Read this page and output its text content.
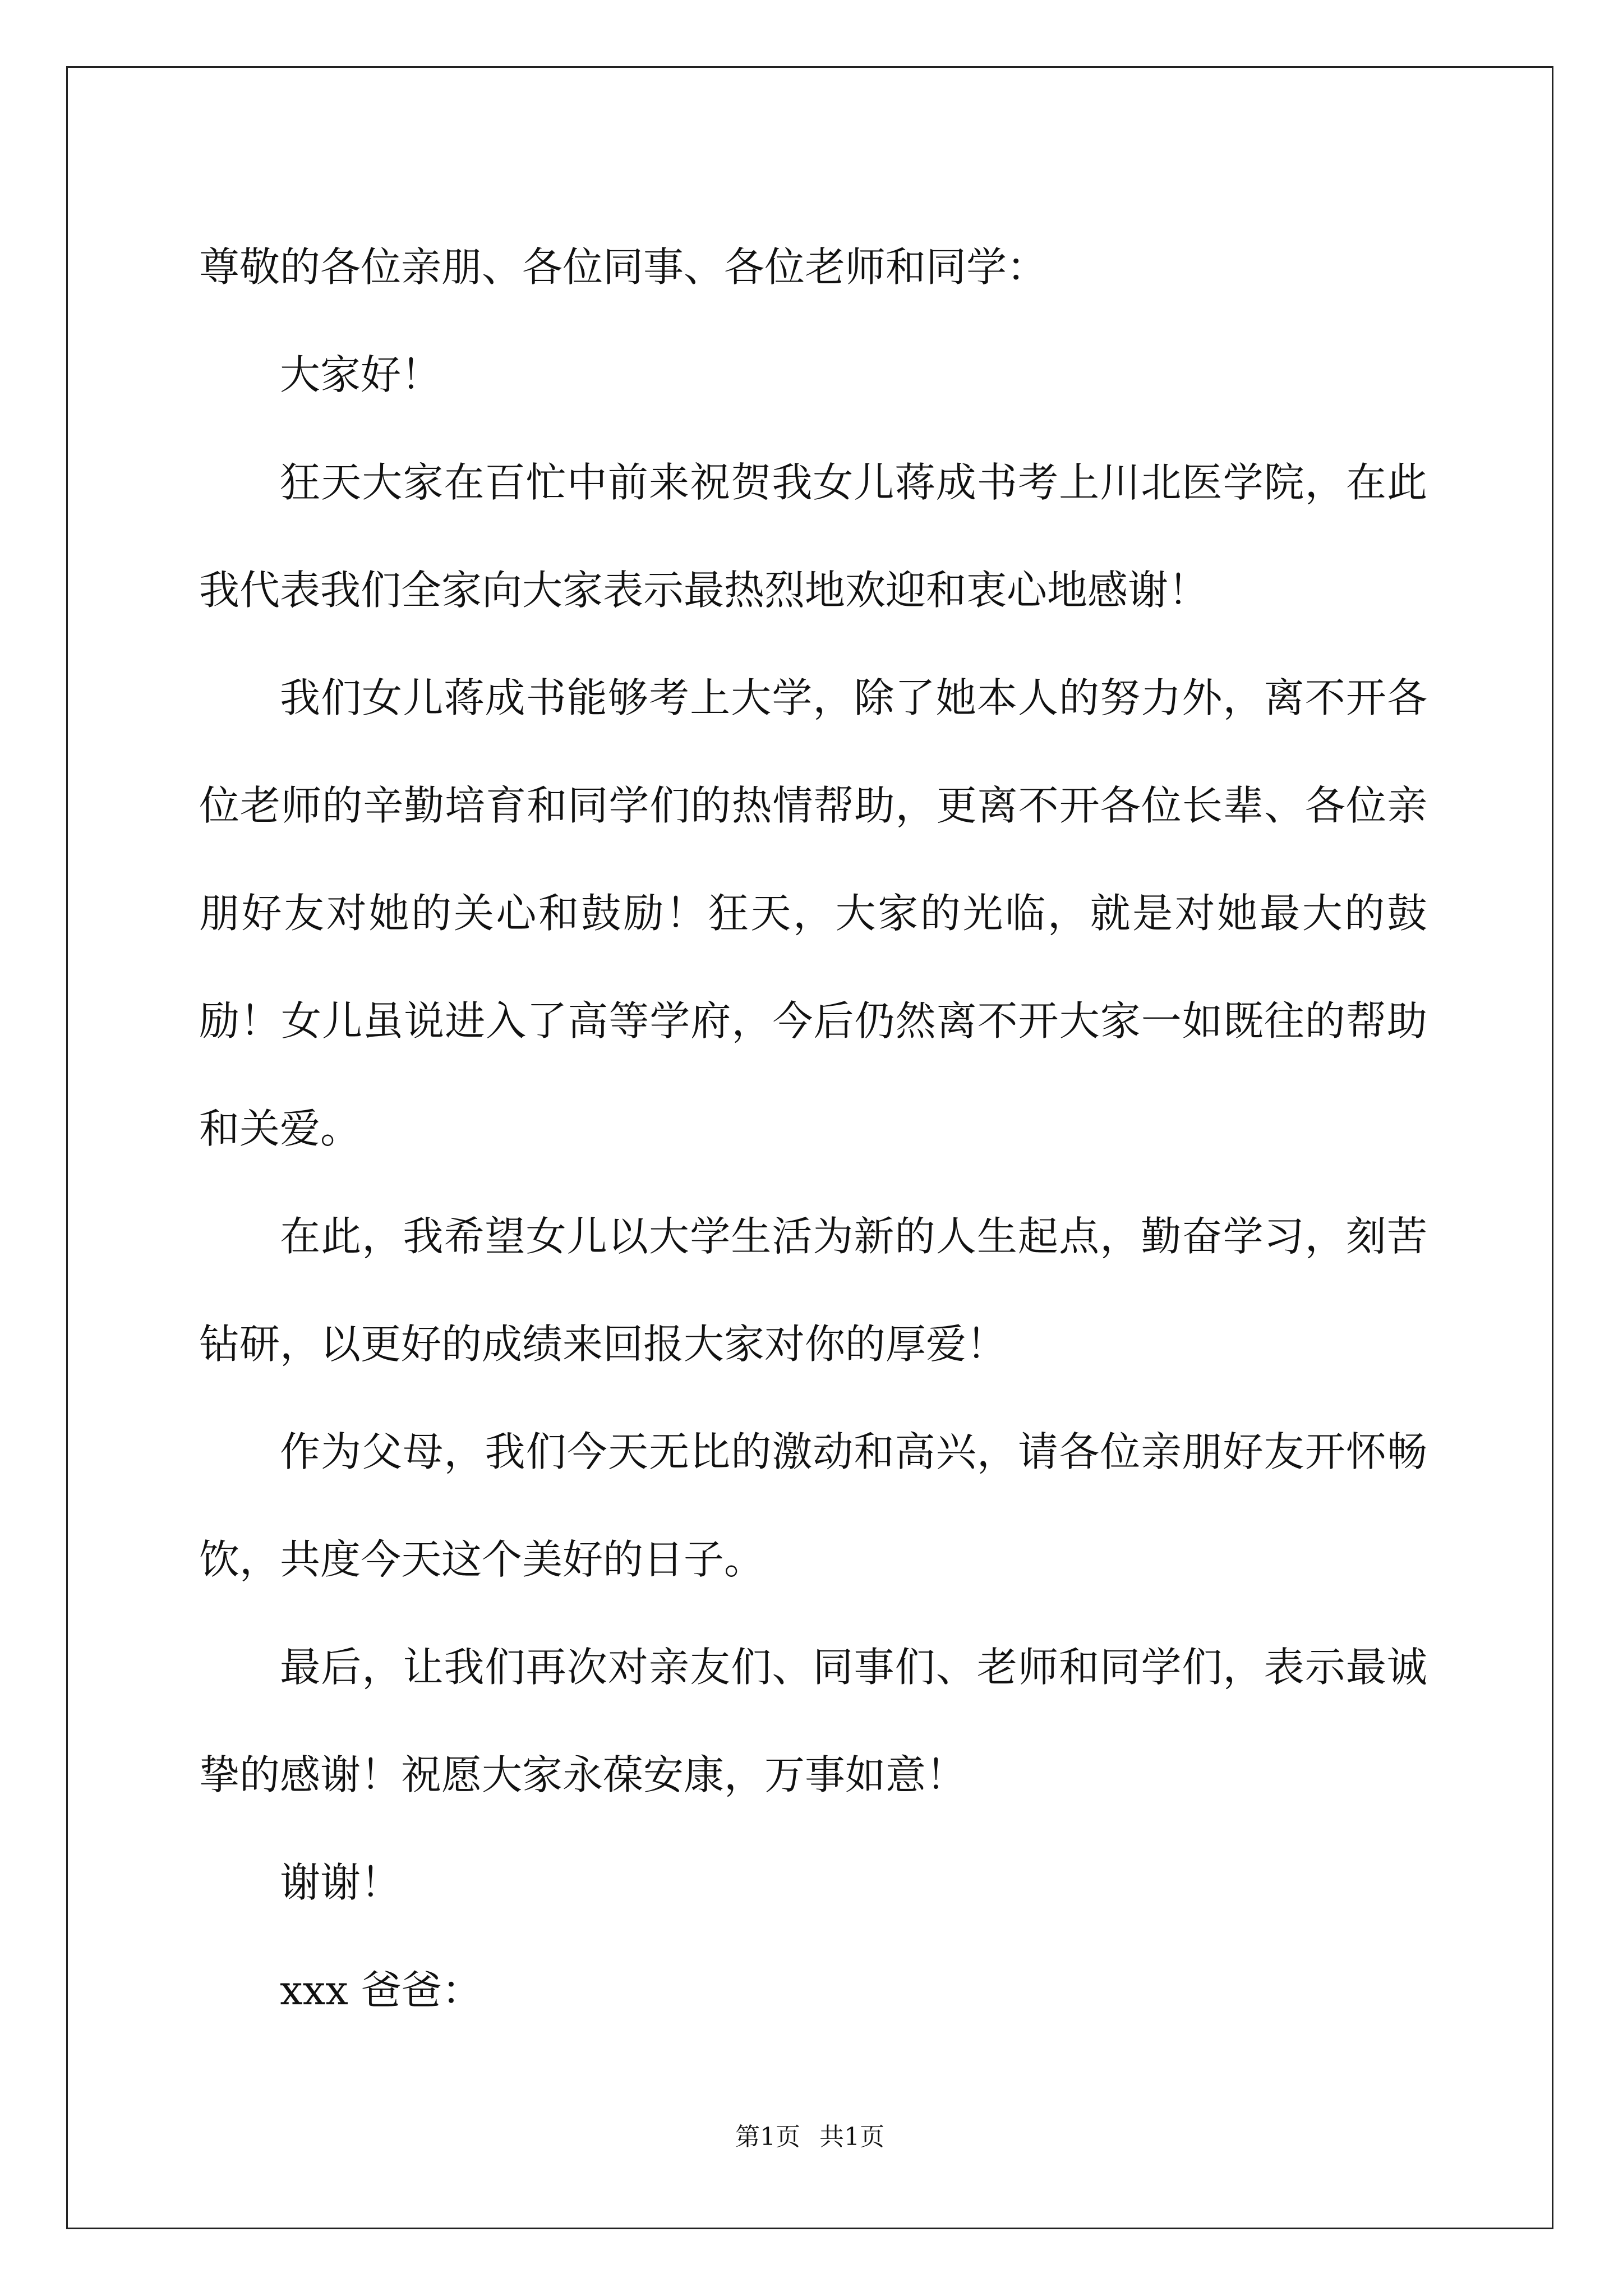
尊敬的各位亲朋、各位同事、各位老师和同学：

大家好！

狂天大家在百忙中前来祝贺我女儿蒋成书考上川北医学院，在此我代表我们全家向大家表示最热烈地欢迎和衷心地感谢！

我们女儿蒋成书能够考上大学，除了她本人的努力外，离不开各位老师的辛勤培育和同学们的热情帮助，更离不开各位长辈、各位亲朋好友对她的关心和鼓励！狂天，大家的光临，就是对她最大的鼓励！女儿虽说进入了高等学府，今后仍然离不开大家一如既往的帮助和关爱。

在此，我希望女儿以大学生活为新的人生起点，勤奋学习，刻苦钻研，以更好的成绩来回报大家对你的厚爱！

作为父母，我们今天无比的激动和高兴，请各位亲朋好友开怀畅饮，共度今天这个美好的日子。

最后，让我们再次对亲友们、同事们、老师和同学们，表示最诚挚的感谢！祝愿大家永葆安康，万事如意！

谢谢！

xxx 爸爸：

第1页 共1页
